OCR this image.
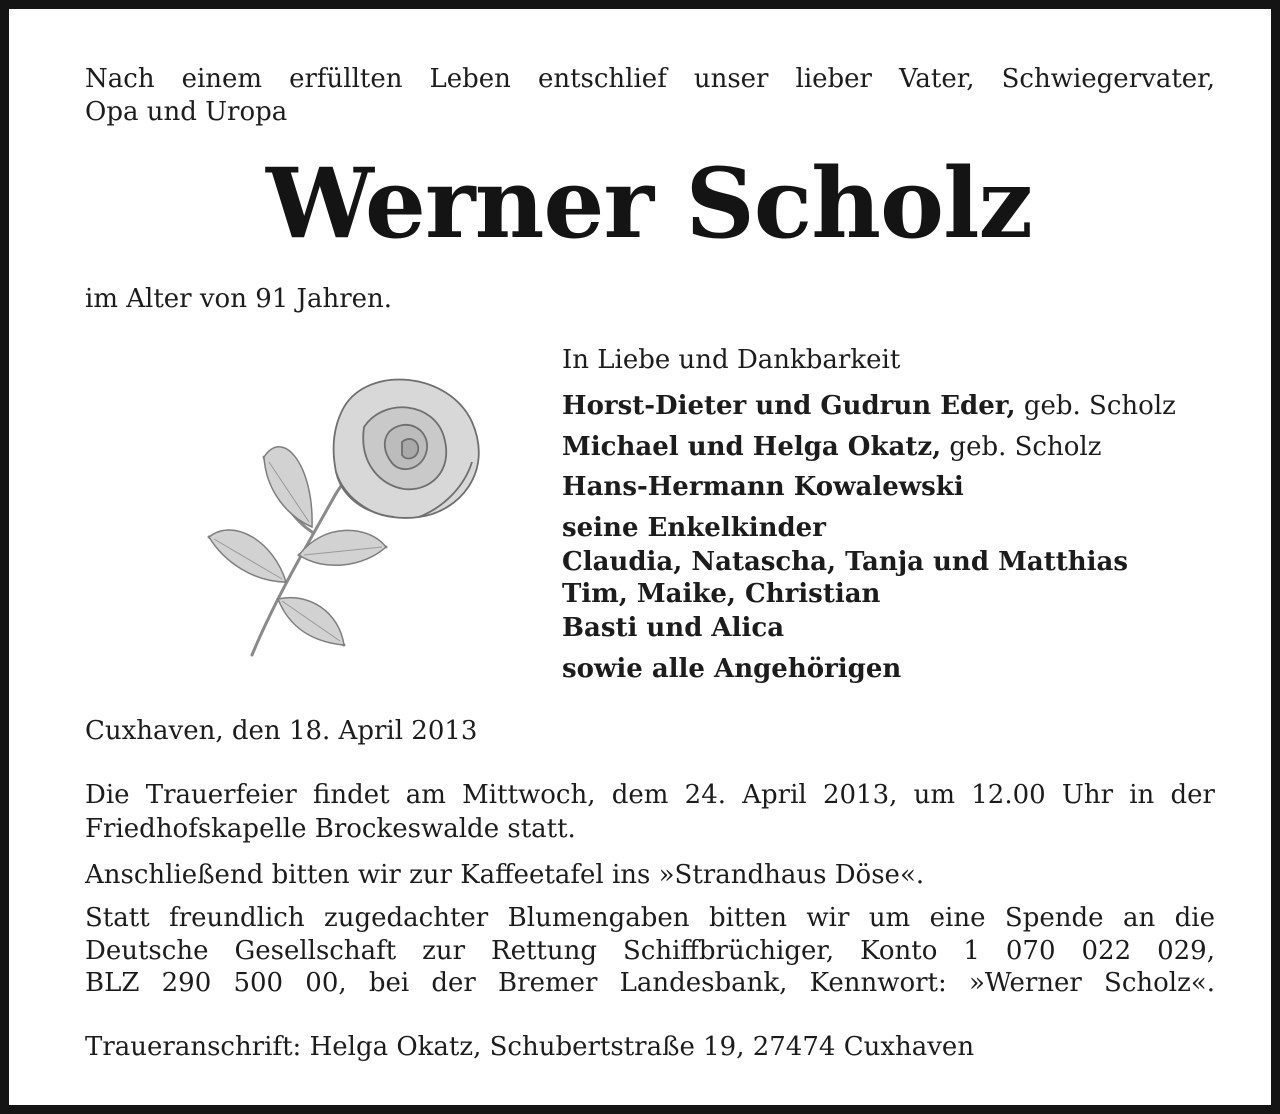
Nach einem erfüllten Leben entschlief unser lieber Vater, Schwiegervater,

Opa und Uropa

Werner Scholz

im Alter von 91 Jahren.

In Liebe und Dankbarkeit

Horst-Dieter und Gudrun Eder, geb. Scholz

Michael und Helga Okatz, geb. Scholz

Hans-Hermann Kowalewski

seine Enkelkinder

Claudia, Natascha, Tanja und Matthias

Tim, Maike, Christian

Basti und Alica

sowie alle Angehörigen

Cuxhaven, den 18. April 2013

Die Trauerfeier findet am Mittwoch, dem 24. April 2013, um 12.00 Uhr in der

Friedhofskapelle Brockeswalde statt.

Anschließend bitten wir zur Kaffeetafel ins »Strandhaus Döse«.

Statt freundlich zugedachter Blumengaben bitten wir um eine Spende an die

Deutsche Gesellschaft zur Rettung Schiffbrüchiger, Konto 1 070 022 029,

BLZ 290 500 00, bei der Bremer Landesbank, Kennwort: »Werner Scholz«.

Traueranschrift: Helga Okatz, Schubertstraße 19, 27474 Cuxhaven
